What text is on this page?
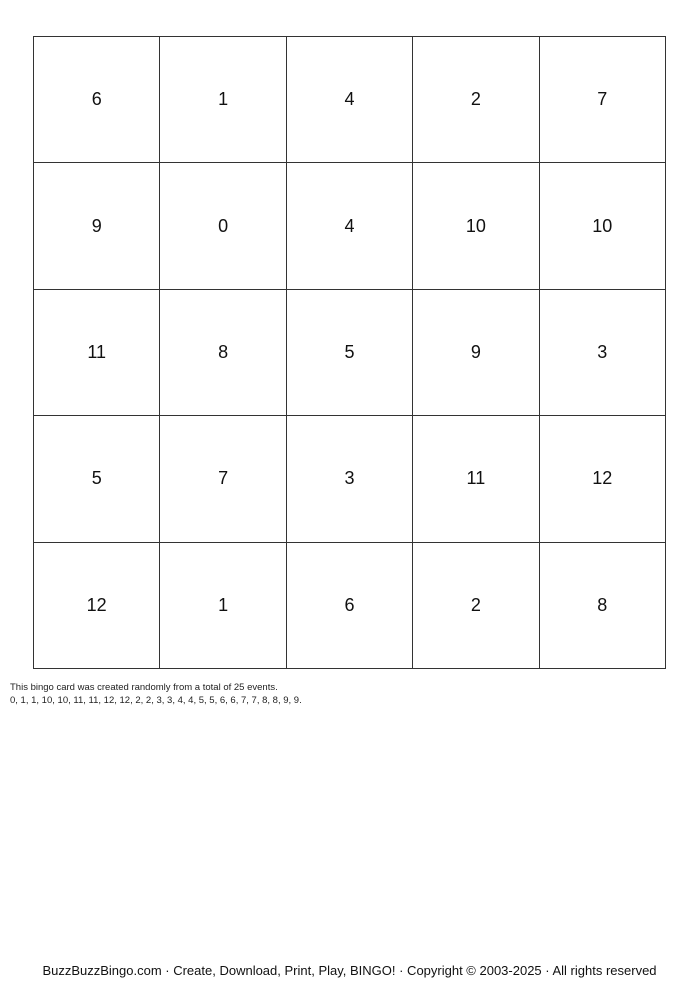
6	1	4	2	7
9	0	4	10	10
11	8	5	9	3
5	7	3	11	12
12	1	6	2	8
This bingo card was created randomly from a total of 25 events.
0, 1, 1, 10, 10, 11, 11, 12, 12, 2, 2, 3, 3, 4, 4, 5, 5, 6, 6, 7, 7, 8, 8, 9, 9.
BuzzBuzzBingo.com · Create, Download, Print, Play, BINGO! · Copyright © 2003-2025 · All rights reserved
